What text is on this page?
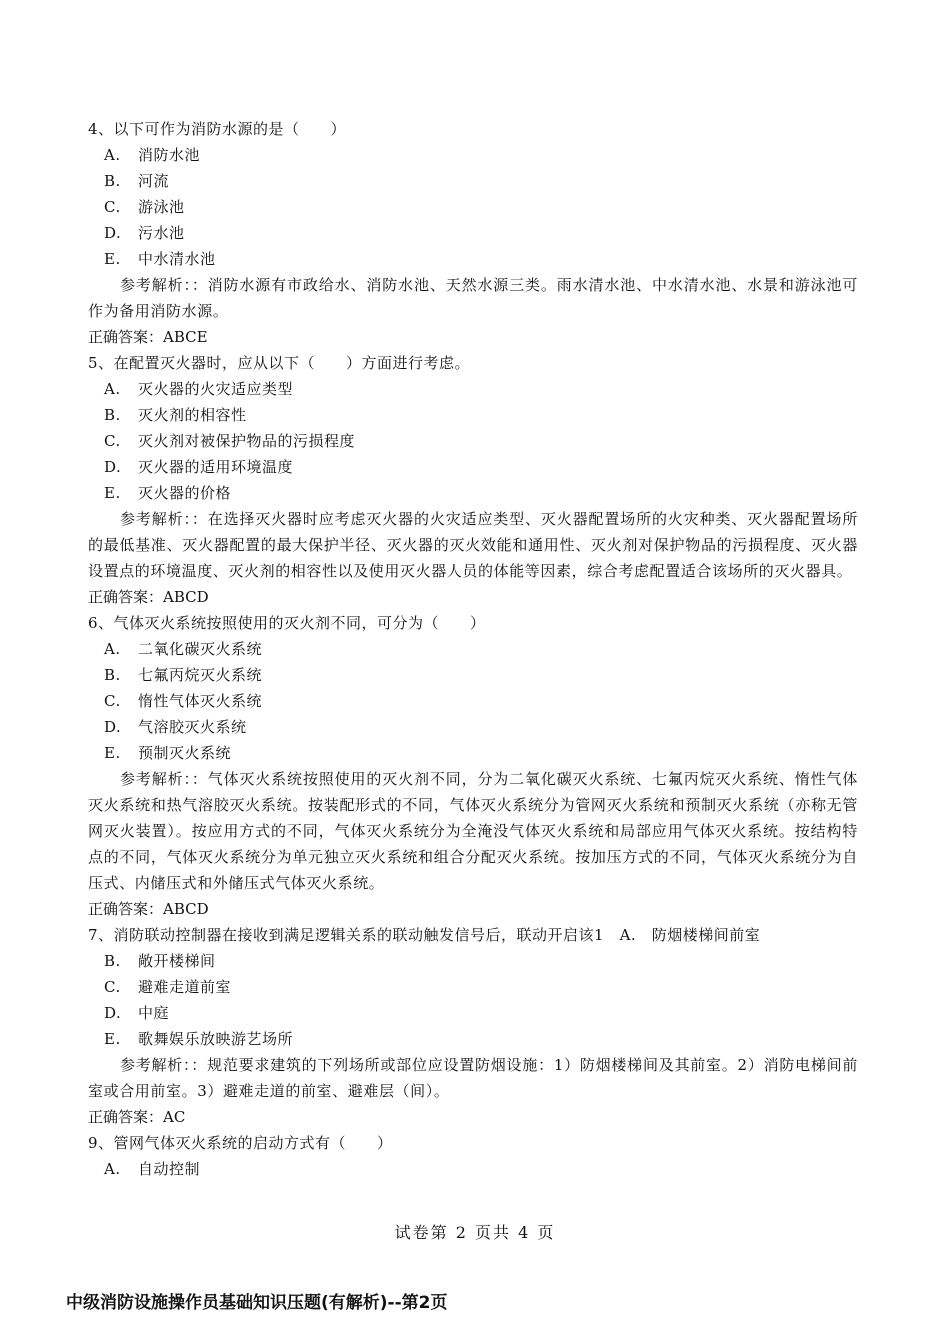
4、以下可作为消防水源的是（　　）
A. 消防水池
B. 河流
C. 游泳池
D. 污水池
E. 中水清水池
参考解析：：消防水源有市政给水、消防水池、天然水源三类。雨水清水池、中水清水池、水景和游泳池可作为备用消防水源。
正确答案：ABCE
5、在配置灭火器时，应从以下（　　）方面进行考虑。
A. 灭火器的火灾适应类型
B. 灭火剂的相容性
C. 灭火剂对被保护物品的污损程度
D. 灭火器的适用环境温度
E. 灭火器的价格
参考解析：：在选择灭火器时应考虑灭火器的火灾适应类型、灭火器配置场所的火灾种类、灭火器配置场所的最低基准、灭火器配置的最大保护半径、灭火器的灭火效能和通用性、灭火剂对保护物品的污损程度、灭火器设置点的环境温度、灭火剂的相容性以及使用灭火器人员的体能等因素，综合考虑配置适合该场所的灭火器具。
正确答案：ABCD
6、气体灭火系统按照使用的灭火剂不同，可分为（　　）
A. 二氧化碳灭火系统
B. 七氟丙烷灭火系统
C. 惰性气体灭火系统
D. 气溶胶灭火系统
E. 预制灭火系统
参考解析：：气体灭火系统按照使用的灭火剂不同，分为二氧化碳灭火系统、七氟丙烷灭火系统、惰性气体灭火系统和热气溶胶灭火系统。按装配形式的不同，气体灭火系统分为管网灭火系统和预制灭火系统（亦称无管网灭火装置）。按应用方式的不同，气体灭火系统分为全淹没气体灭火系统和局部应用气体灭火系统。按结构特点的不同，气体灭火系统分为单元独立灭火系统和组合分配灭火系统。按加压方式的不同，气体灭火系统分为自压式、内储压式和外储压式气体灭火系统。
正确答案：ABCD
7、消防联动控制器在接收到满足逻辑关系的联动触发信号后，联动开启该1　A.　防烟楼梯间前室
B. 敞开楼梯间
C. 避难走道前室
D. 中庭
E. 歌舞娱乐放映游艺场所
参考解析：：规范要求建筑的下列场所或部位应设置防烟设施：1）防烟楼梯间及其前室。2）消防电梯间前室或合用前室。3）避难走道的前室、避难层（间）。
正确答案：AC
9、管网气体灭火系统的启动方式有（　　）
A. 自动控制
试卷第 2 页共 4 页
中级消防设施操作员基础知识压题(有解析)--第2页
